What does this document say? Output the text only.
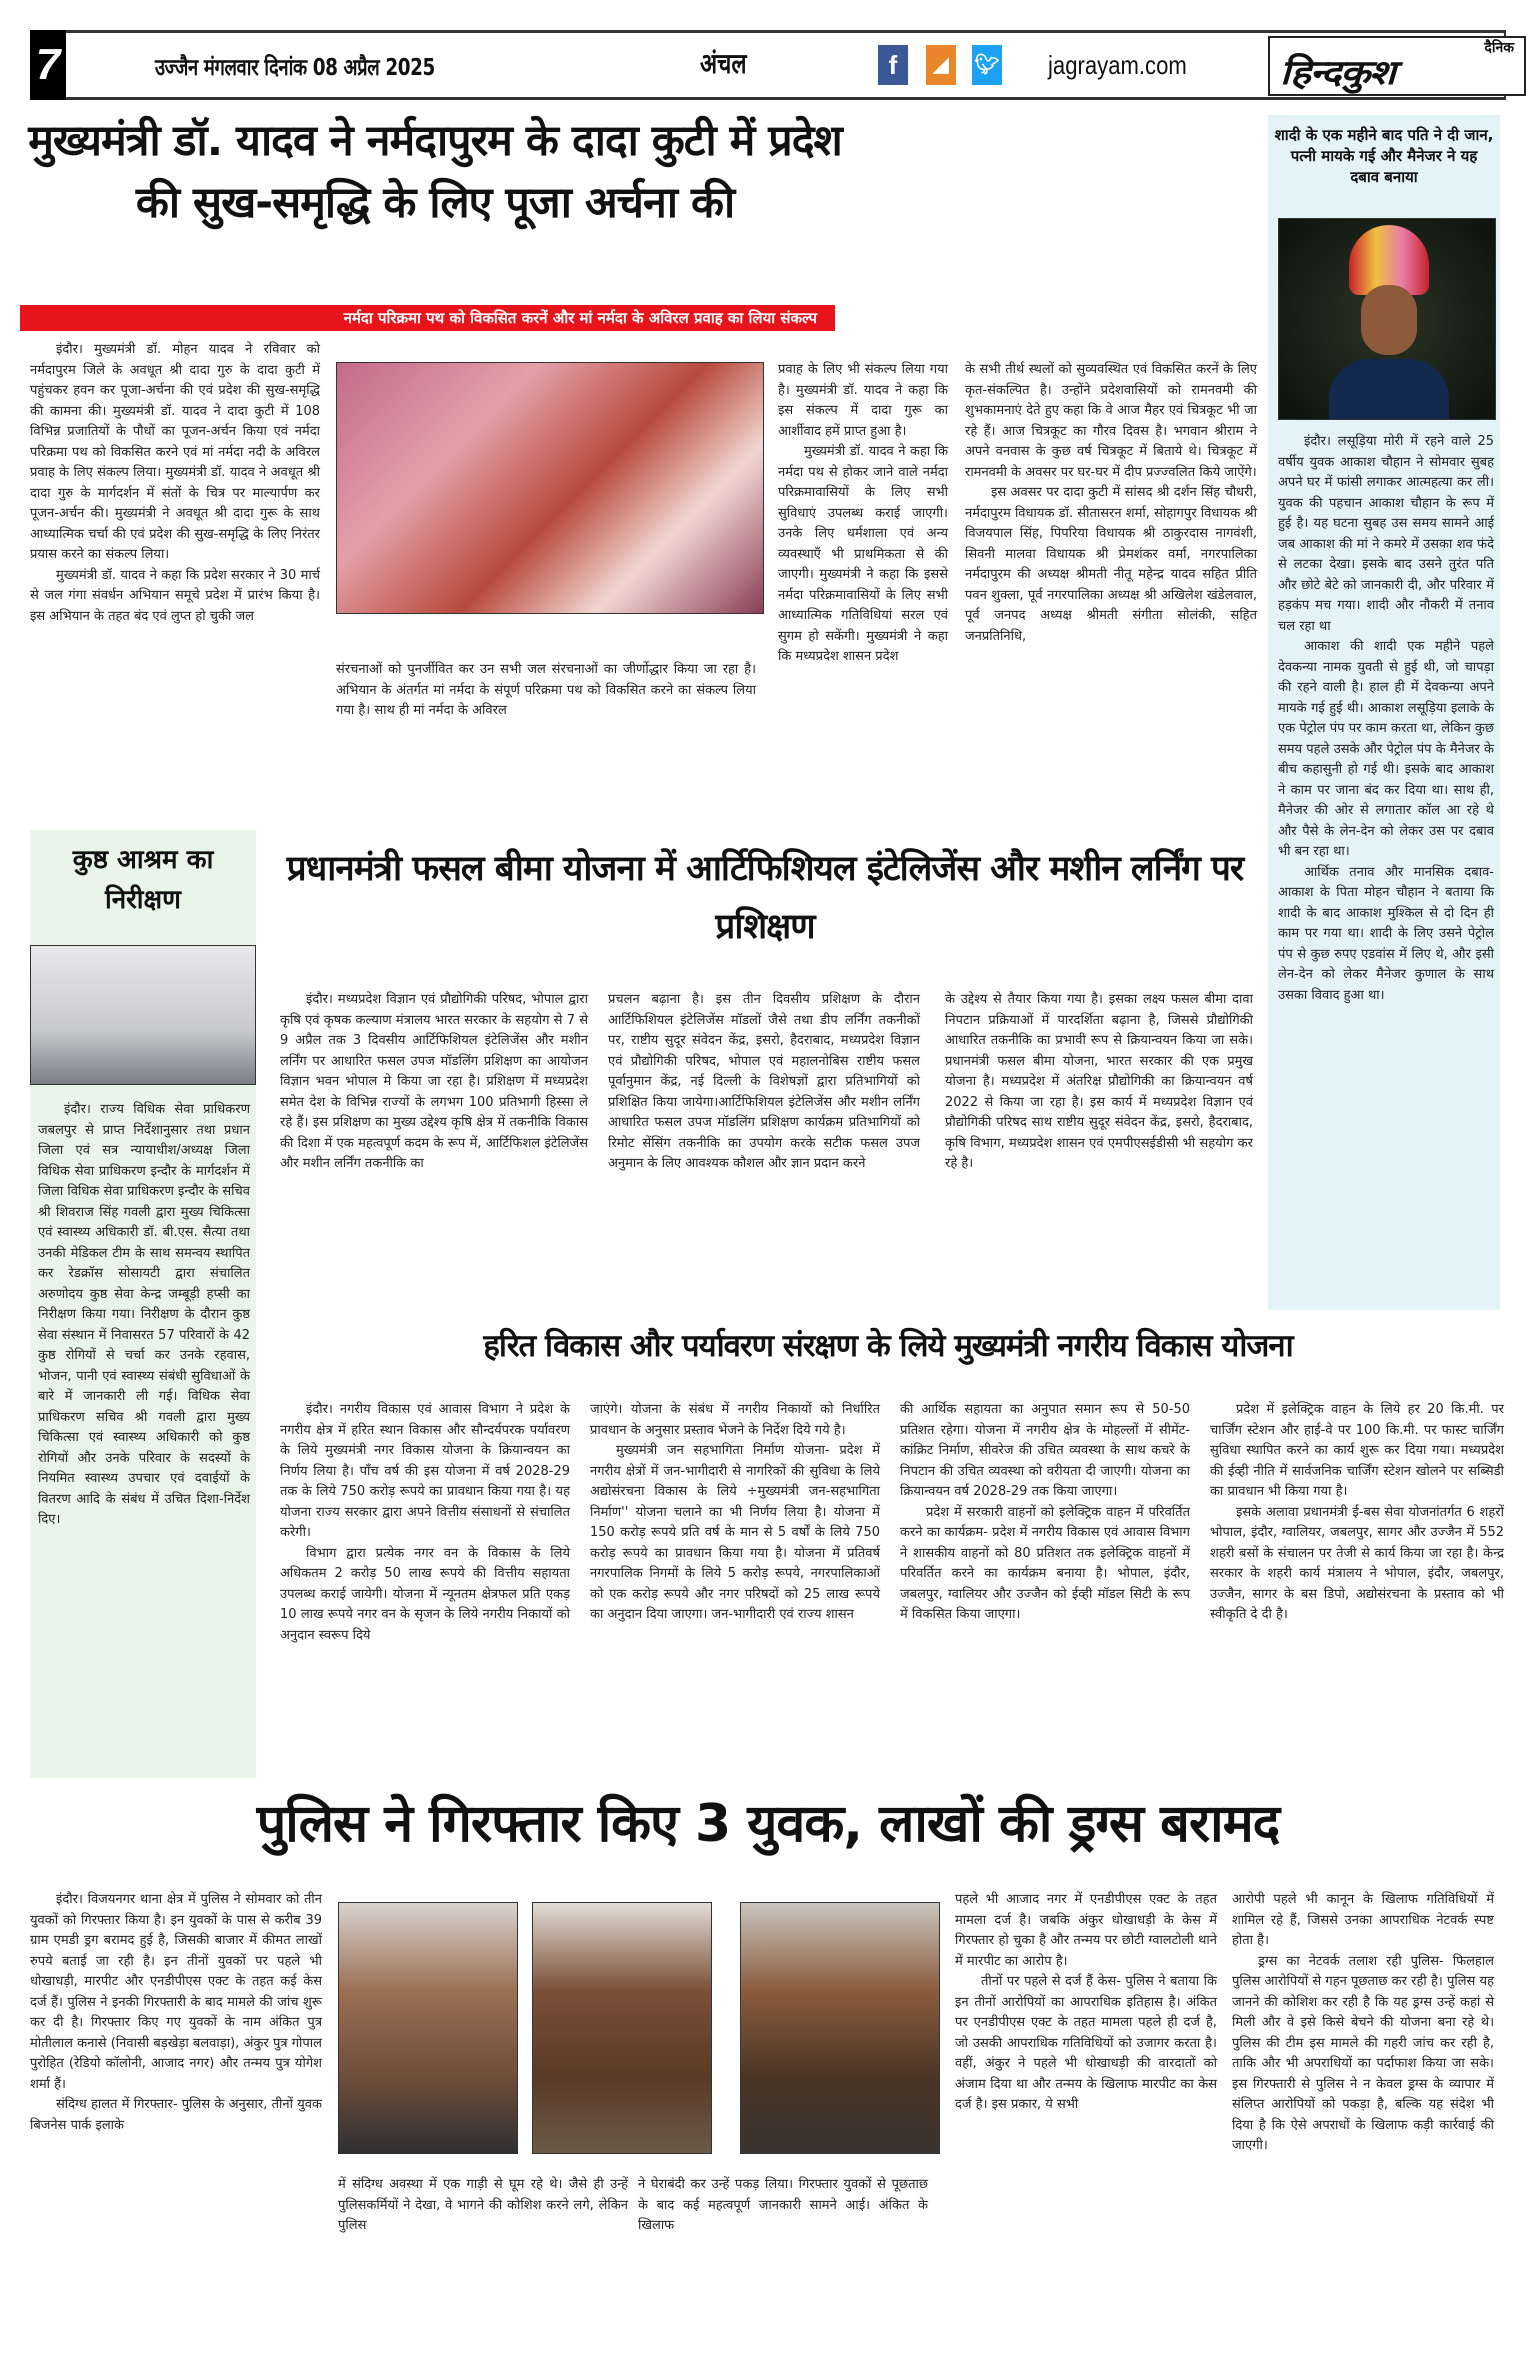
7	उज्जैन मंगलवार दिनांक 08 अप्रैल 2025	अंचल	f	◢	🐦︎ jagrayam.com
दैनिक
हिन्दकुश
मुख्यमंत्री डॉ. यादव ने नर्मदापुरम के दादा कुटी में प्रदेश की सुख-समृद्धि के लिए पूजा अर्चना की
नर्मदा परिक्रमा पथ को विकसित करनें और मां नर्मदा के अविरल प्रवाह का लिया संकल्प

इंदौर। मुख्यमंत्री डॉ. मोहन यादव ने रविवार को नर्मदापुरम जिले के अवधूत श्री दादा गुरु के दादा कुटी में पहुंचकर हवन कर पूजा-अर्चना की एवं प्रदेश की सुख-समृद्धि की कामना की। मुख्यमंत्री डॉ. यादव ने दादा कुटी में 108 विभिन्न प्रजातियों के पौधों का पूजन-अर्चन किया एवं नर्मदा परिक्रमा पथ को विकसित करने एवं मां नर्मदा नदी के अविरल प्रवाह के लिए संकल्प लिया। मुख्यमंत्री डॉ. यादव ने अवधूत श्री दादा गुरु के मार्गदर्शन में संतों के चित्र पर माल्यार्पण कर पूजन-अर्चन की। मुख्यमंत्री ने अवधूत श्री दादा गुरू के साथ आध्यात्मिक चर्चा की एवं प्रदेश की सुख-समृद्धि के लिए निरंतर प्रयास करने का संकल्प लिया।

मुख्यमंत्री डॉ. यादव ने कहा कि प्रदेश सरकार ने 30 मार्च से जल गंगा संवर्धन अभियान समूचे प्रदेश में प्रारंभ किया है। इस अभियान के तहत बंद एवं लुप्त हो चुकी जल

संरचनाओं को पुनर्जीवित कर उन सभी जल संरचनाओं का जीर्णोद्धार किया जा रहा है। अभियान के अंतर्गत मां नर्मदा के संपूर्ण परिक्रमा पथ को विकसित करने का संकल्प लिया गया है। साथ ही मां नर्मदा के अविरल

प्रवाह के लिए भी संकल्प लिया गया है। मुख्यमंत्री डॉ. यादव ने कहा कि इस संकल्प में दादा गुरू का आर्शीवाद हमें प्राप्त हुआ है।

मुख्यमंत्री डॉ. यादव ने कहा कि नर्मदा पथ से होकर जाने वाले नर्मदा परिक्रमावासियों के लिए सभी सुविधाएं उपलब्ध कराई जाएगी। उनके लिए धर्मशाला एवं अन्य व्यवस्थाएँ भी प्राथमिकता से की जाएगी। मुख्यमंत्री ने कहा कि इससे नर्मदा परिक्रमावासियों के लिए सभी आध्यात्मिक गतिविधियां सरल एवं सुगम हो सकेंगी। मुख्यमंत्री ने कहा कि मध्यप्रदेश शासन प्रदेश

के सभी तीर्थ स्थलों को सुव्यवस्थित एवं विकसित करनें के लिए कृत-संकल्पित है। उन्होंने प्रदेशवासियों को रामनवमी की शुभकामनाएं देते हुए कहा कि वे आज मैहर एवं चित्रकूट भी जा रहे हैं। आज चित्रकूट का गौरव दिवस है। भगवान श्रीराम ने अपने वनवास के कुछ वर्ष चित्रकूट में बिताये थे। चित्रकूट में रामनवमी के अवसर पर घर-घर में दीप प्रज्ज्वलित किये जाऐंगे।

इस अवसर पर दादा कुटी में सांसद श्री दर्शन सिंह चौधरी, नर्मदापुरम विधायक डॉ. सीतासरन शर्मा, सोहागपुर विधायक श्री विजयपाल सिंह, पिपरिया विधायक श्री ठाकुरदास नागवंशी, सिवनी मालवा विधायक श्री प्रेमशंकर वर्मा, नगरपालिका नर्मदापुरम की अध्यक्ष श्रीमती नीतू महेन्द्र यादव सहित प्रीति पवन शुक्ला, पूर्व नगरपालिका अध्यक्ष श्री अखिलेश खंडेलवाल, पूर्व जनपद अध्यक्ष श्रीमती संगीता सोलंकी, सहित जनप्रतिनिधि,

शादी के एक महीने बाद पति ने दी जान, पत्नी मायके गई और मैनेजर ने यह दबाव बनाया

इंदौर। लसूड़िया मोरी में रहने वाले 25 वर्षीय युवक आकाश चौहान ने सोमवार सुबह अपने घर में फांसी लगाकर आत्महत्या कर ली। युवक की पहचान आकाश चौहान के रूप में हुई है। यह घटना सुबह उस समय सामने आई जब आकाश की मां ने कमरे में उसका शव फंदे से लटका देखा। इसके बाद उसने तुरंत पति और छोटे बेटे को जानकारी दी, और परिवार में हड़कंप मच गया। शादी और नौकरी में तनाव चल रहा था

आकाश की शादी एक महीने पहले देवकन्या नामक युवती से हुई थी, जो चापड़ा की रहने वाली है। हाल ही में देवकन्या अपने मायके गई हुई थी। आकाश लसूड़िया इलाके के एक पेट्रोल पंप पर काम करता था, लेकिन कुछ समय पहले उसके और पेट्रोल पंप के मैनेजर के बीच कहासुनी हो गई थी। इसके बाद आकाश ने काम पर जाना बंद कर दिया था। साथ ही, मैनेजर की ओर से लगातार कॉल आ रहे थे और पैसे के लेन-देन को लेकर उस पर दबाव भी बन रहा था।

आर्थिक तनाव और मानसिक दबाव- आकाश के पिता मोहन चौहान ने बताया कि शादी के बाद आकाश मुश्किल से दो दिन ही काम पर गया था। शादी के लिए उसने पेट्रोल पंप से कुछ रुपए एडवांस में लिए थे, और इसी लेन-देन को लेकर मैनेजर कुणाल के साथ उसका विवाद हुआ था।

कुष्ठ आश्रम का निरीक्षण

इंदौर। राज्य विधिक सेवा प्राधिकरण जबलपुर से प्राप्त निर्देशानुसार तथा प्रधान जिला एवं सत्र न्यायाधीश/अध्यक्ष जिला विधिक सेवा प्राधिकरण इन्दौर के मार्गदर्शन में जिला विधिक सेवा प्राधिकरण इन्दौर के सचिव श्री शिवराज सिंह गवली द्वारा मुख्य चिकित्सा एवं स्वास्थ्य अधिकारी डॉ. बी.एस. सैत्या तथा उनकी मेडिकल टीम के साथ समन्वय स्थापित कर रेडक्रॉस सोसायटी द्वारा संचालित अरुणोदय कुष्ठ सेवा केन्द्र जम्बूड़ी हप्सी का निरीक्षण किया गया। निरीक्षण के दौरान कुष्ठ सेवा संस्थान में निवासरत 57 परिवारों के 42 कुष्ठ रोगियों से चर्चा कर उनके रहवास, भोजन, पानी एवं स्वास्थ्य संबंधी सुविधाओं के बारे में जानकारी ली गई। विधिक सेवा प्राधिकरण सचिव श्री गवली द्वारा मुख्य चिकित्सा एवं स्वास्थ्य अधिकारी को कुष्ठ रोगियों और उनके परिवार के सदस्यों के नियमित स्वास्थ्य उपचार एवं दवाईयों के वितरण आदि के संबंध में उचित दिशा-निर्देश दिए।

प्रधानमंत्री फसल बीमा योजना में आर्टिफिशियल इंटेलिजेंस और मशीन लर्निंग पर प्रशिक्षण

इंदौर। मध्यप्रदेश विज्ञान एवं प्रौद्योगिकी परिषद, भोपाल द्वारा कृषि एवं कृषक कल्याण मंत्रालय भारत सरकार के सहयोग से 7 से 9 अप्रैल तक 3 दिवसीय आर्टिफिशियल इंटेलिजेंस और मशीन लर्निंग पर आधारित फसल उपज मॉडलिंग प्रशिक्षण का आयोजन विज्ञान भवन भोपाल मे किया जा रहा है। प्रशिक्षण में मध्यप्रदेश समेत देश के विभिन्न राज्यों के लगभग 100 प्रतिभागी हिस्सा ले रहे हैं। इस प्रशिक्षण का मुख्य उद्देश्य कृषि क्षेत्र में तकनीकि विकास की दिशा में एक महत्वपूर्ण कदम के रूप में, आर्टिफिशल इंटेलिजेंस और मशीन लर्निंग तकनीकि का

प्रचलन बढ़ाना है। इस तीन दिवसीय प्रशिक्षण के दौरान आर्टिफिशियल इंटेलिजेंस मॉडलों जैसे तथा डीप लर्निंग तकनीकों पर, राष्टीय सुदूर संवेदन केंद्र, इसरो, हैदराबाद, मध्यप्रदेश विज्ञान एवं प्रौद्योगिकी परिषद, भोपाल एवं महालनोबिस राष्टीय फसल पूर्वानुमान केंद्र, नई दिल्ली के विशेषज्ञों द्वारा प्रतिभागियों को प्रशिक्षित किया जायेगा।आर्टिफिशियल इंटेलिजेंस और मशीन लर्निंग आधारित फसल उपज मॉडलिंग प्रशिक्षण कार्यक्रम प्रतिभागियों को रिमोट सेंसिंग तकनीकि का उपयोग करके सटीक फसल उपज अनुमान के लिए आवश्यक कौशल और ज्ञान प्रदान करने

के उद्देश्य से तैयार किया गया है। इसका लक्ष्य फसल बीमा दावा निपटान प्रक्रियाओं में पारदर्शिता बढ़ाना है, जिससे प्रौद्योगिकी आधारित तकनीकि का प्रभावी रूप से क्रियान्वयन किया जा सके। प्रधानमंत्री फसल बीमा योजना, भारत सरकार की एक प्रमुख योजना है। मध्यप्रदेश में अंतरिक्ष प्रौद्योगिकी का क्रियान्वयन वर्ष 2022 से किया जा रहा है। इस कार्य में मध्यप्रदेश विज्ञान एवं प्रौद्योगिकी परिषद साथ राष्टीय सुदूर संवेदन केंद्र, इसरो, हैदराबाद, कृषि विभाग, मध्यप्रदेश शासन एवं एमपीएसईडीसी भी सहयोग कर रहे है।

हरित विकास और पर्यावरण संरक्षण के लिये मुख्यमंत्री नगरीय विकास योजना

इंदौर। नगरीय विकास एवं आवास विभाग ने प्रदेश के नगरीय क्षेत्र में हरित स्थान विकास और सौन्दर्यपरक पर्यावरण के लिये मुख्यमंत्री नगर विकास योजना के क्रियान्वयन का निर्णय लिया है। पाँच वर्ष की इस योजना में वर्ष 2028-29 तक के लिये 750 करोड़ रूपये का प्रावधान किया गया है। यह योजना राज्य सरकार द्वारा अपने वित्तीय संसाधनों से संचालित करेगी।

विभाग द्वारा प्रत्येक नगर वन के विकास के लिये अधिकतम 2 करोड़ 50 लाख रूपये की वित्तीय सहायता उपलब्ध कराई जायेगी। योजना में न्यूनतम क्षेत्रफल प्रति एकड़ 10 लाख रूपये नगर वन के सृजन के लिये नगरीय निकायों को अनुदान स्वरूप दिये

जाएंगे। योजना के संबंध में नगरीय निकायों को निर्धारित प्रावधान के अनुसार प्रस्ताव भेजने के निर्देश दिये गये है।

मुख्यमंत्री जन सहभागिता निर्माण योजना- प्रदेश में नगरीय क्षेत्रों में जन-भागीदारी से नागरिकों की सुविधा के लिये अद्योसंरचना विकास के लिये ÷मुख्यमंत्री जन-सहभागिता निर्माण'' योजना चलाने का भी निर्णय लिया है। योजना में 150 करोड़ रूपये प्रति वर्ष के मान से 5 वर्षों के लिये 750 करोड़ रूपये का प्रावधान किया गया है। योजना में प्रतिवर्ष नगरपालिक निगमों के लिये 5 करोड़ रूपये, नगरपालिकाओं को एक करोड़ रूपये और नगर परिषदों को 25 लाख रूपये का अनुदान दिया जाएगा। जन-भागीदारी एवं राज्य शासन

की आर्थिक सहायता का अनुपात समान रूप से 50-50 प्रतिशत रहेगा। योजना में नगरीय क्षेत्र के मोहल्लों में सीमेंट- कांक्रिट निर्माण, सीवरेज की उचित व्यवस्था के साथ कचरे के निपटान की उचित व्यवस्था को वरीयता दी जाएगी। योजना का क्रियान्वयन वर्ष 2028-29 तक किया जाएगा।

प्रदेश में सरकारी वाहनों को इलेक्ट्रिक वाहन में परिवर्तित करने का कार्यक्रम- प्रदेश में नगरीय विकास एवं आवास विभाग ने शासकीय वाहनों को 80 प्रतिशत तक इलेक्ट्रिक वाहनों में परिवर्तित करने का कार्यक्रम बनाया है। भोपाल, इंदौर, जबलपुर, ग्वालियर और उज्जैन को ईव्ही मॉडल सिटी के रूप में विकसित किया जाएगा।

प्रदेश में इलेक्ट्रिक वाहन के लिये हर 20 कि.मी. पर चार्जिंग स्टेशन और हाई-वे पर 100 कि.मी. पर फास्ट चार्जिंग सुविधा स्थापित करने का कार्य शुरू कर दिया गया। मध्यप्रदेश की ईव्ही नीति में सार्वजनिक चार्जिंग स्टेशन खोलने पर सब्सिडी का प्रावधान भी किया गया है।

इसके अलावा प्रधानमंत्री ई-बस सेवा योजनांतर्गत 6 शहरों भोपाल, इंदौर, ग्वालियर, जबलपुर, सागर और उज्जैन में 552 शहरी बसों के संचालन पर तेजी से कार्य किया जा रहा है। केन्द्र सरकार के शहरी कार्य मंत्रालय ने भोपाल, इंदौर, जबलपुर, उज्जैन, सागर के बस डिपो, अद्योसंरचना के प्रस्ताव को भी स्वीकृति दे दी है।

पुलिस ने गिरफ्तार किए 3 युवक, लाखों की ड्रग्स बरामद

इंदौर। विजयनगर थाना क्षेत्र में पुलिस ने सोमवार को तीन युवकों को गिरफ्तार किया है। इन युवकों के पास से करीब 39 ग्राम एमडी ड्रग बरामद हुई है, जिसकी बाजार में कीमत लाखों रुपये बताई जा रही है। इन तीनों युवकों पर पहले भी धोखाधड़ी, मारपीट और एनडीपीएस एक्ट के तहत कई केस दर्ज हैं। पुलिस ने इनकी गिरफ्तारी के बाद मामले की जांच शुरू कर दी है। गिरफ्तार किए गए युवकों के नाम अंकित पुत्र मोतीलाल कनासे (निवासी बड़खेड़ा बलवाड़ा), अंकुर पुत्र गोपाल पुरोहित (रेडियो कॉलोनी, आजाद नगर) और तन्मय पुत्र योगेश शर्मा हैं।

संदिग्ध हालत में गिरफ्तार- पुलिस के अनुसार, तीनों युवक बिजनेस पार्क इलाके

में संदिग्ध अवस्था में एक गाड़ी से घूम रहे थे। जैसे ही उन्हें पुलिसकर्मियों ने देखा, वे भागने की कोशिश करने लगे, लेकिन पुलिस

ने घेराबंदी कर उन्हें पकड़ लिया। गिरफ्तार युवकों से पूछताछ के बाद कई महत्वपूर्ण जानकारी सामने आई। अंकित के खिलाफ

पहले भी आजाद नगर में एनडीपीएस एक्ट के तहत मामला दर्ज है। जबकि अंकुर धोखाधड़ी के केस में गिरफ्तार हो चुका है और तन्मय पर छोटी ग्वालटोली थाने में मारपीट का आरोप है।

तीनों पर पहले से दर्ज हैं केस- पुलिस ने बताया कि इन तीनों आरोपियों का आपराधिक इतिहास है। अंकित पर एनडीपीएस एक्ट के तहत मामला पहले ही दर्ज है, जो उसकी आपराधिक गतिविधियों को उजागर करता है। वहीं, अंकुर ने पहले भी धोखाधड़ी की वारदातों को अंजाम दिया था और तन्मय के खिलाफ मारपीट का केस दर्ज है। इस प्रकार, ये सभी

आरोपी पहले भी कानून के खिलाफ गतिविधियों में शामिल रहे हैं, जिससे उनका आपराधिक नेटवर्क स्पष्ट होता है।

ड्रग्स का नेटवर्क तलाश रही पुलिस- फिलहाल पुलिस आरोपियों से गहन पूछताछ कर रही है। पुलिस यह जानने की कोशिश कर रही है कि यह ड्रग्स उन्हें कहां से मिली और वे इसे किसे बेचने की योजना बना रहे थे। पुलिस की टीम इस मामले की गहरी जांच कर रही है, ताकि और भी अपराधियों का पर्दाफाश किया जा सके। इस गिरफ्तारी से पुलिस ने न केवल ड्रग्स के व्यापार में संलिप्त आरोपियों को पकड़ा है, बल्कि यह संदेश भी दिया है कि ऐसे अपराधों के खिलाफ कड़ी कार्रवाई की जाएगी।
